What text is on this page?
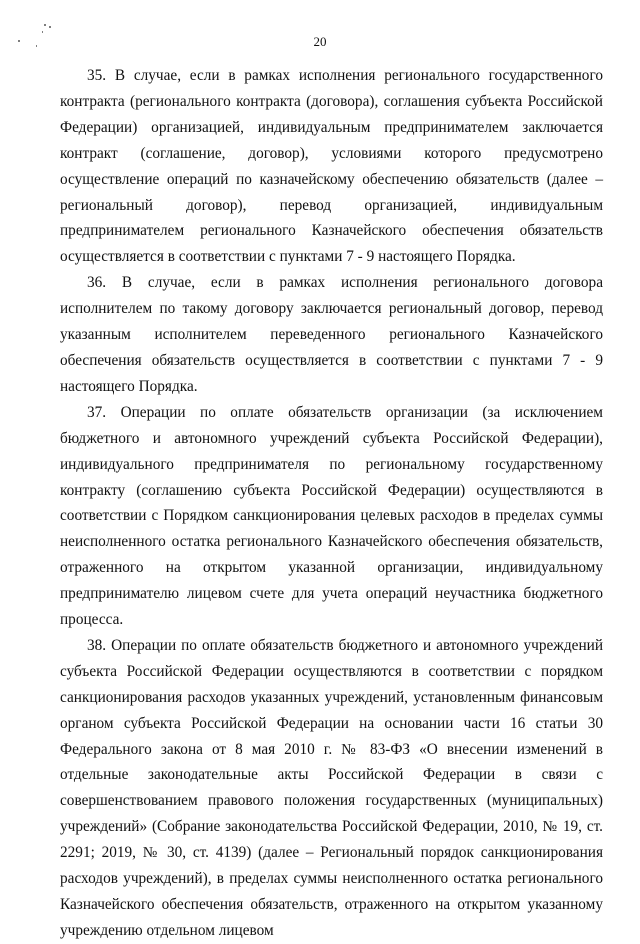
20

35. В случае, если в рамках исполнения регионального государственного контракта (регионального контракта (договора), соглашения субъекта Российской Федерации) организацией, индивидуальным предпринимателем заключается контракт (соглашение, договор), условиями которого предусмотрено осуществление операций по казначейскому обеспечению обязательств (далее – региональный договор), перевод организацией, индивидуальным предпринимателем регионального Казначейского обеспечения обязательств осуществляется в соответствии с пунктами 7 - 9 настоящего Порядка.

36. В случае, если в рамках исполнения регионального договора исполнителем по такому договору заключается региональный договор, перевод указанным исполнителем переведенного регионального Казначейского обеспечения обязательств осуществляется в соответствии с пунктами 7 - 9 настоящего Порядка.

37. Операции по оплате обязательств организации (за исключением бюджетного и автономного учреждений субъекта Российской Федерации), индивидуального предпринимателя по региональному государственному контракту (соглашению субъекта Российской Федерации) осуществляются в соответствии с Порядком санкционирования целевых расходов в пределах суммы неисполненного остатка регионального Казначейского обеспечения обязательств, отраженного на открытом указанной организации, индивидуальному предпринимателю лицевом счете для учета операций неучастника бюджетного процесса.

38. Операции по оплате обязательств бюджетного и автономного учреждений субъекта Российской Федерации осуществляются в соответствии с порядком санкционирования расходов указанных учреждений, установленным финансовым органом субъекта Российской Федерации на основании части 16 статьи 30 Федерального закона от 8 мая 2010 г. № 83-ФЗ «О внесении изменений в отдельные законодательные акты Российской Федерации в связи с совершенствованием правового положения государственных (муниципальных) учреждений» (Собрание законодательства Российской Федерации, 2010, № 19, ст. 2291; 2019, № 30, ст. 4139) (далее – Региональный порядок санкционирования расходов учреждений), в пределах суммы неисполненного остатка регионального Казначейского обеспечения обязательств, отраженного на открытом указанному учреждению отдельном лицевом
